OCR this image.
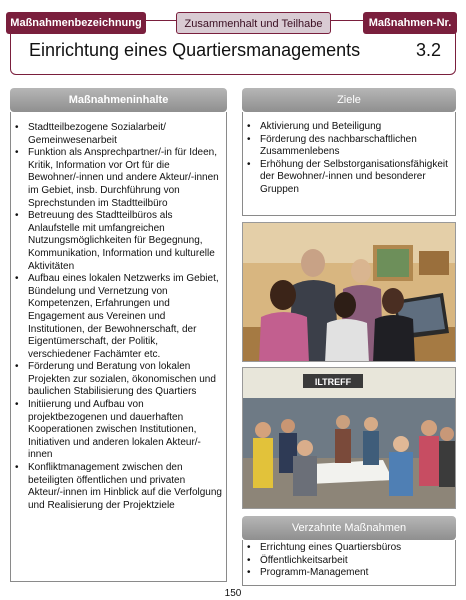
Maßnahmenbezeichnung	Zusammenhalt und Teilhabe	Maßnahmen-Nr.
Einrichtung eines Quartiersmanagements	3.2
Maßnahmeninhalte
• Stadtteilbezogene Sozialarbeit/ Gemeinwesenarbeit
• Funktion als Ansprechpartner/-in für Ideen, Kritik, Information vor Ort für die Bewohner/-innen und andere Akteur/-innen im Gebiet, insb. Durchführung von Sprechstunden im Stadtteilbüro
• Betreuung des Stadtteilbüros als Anlaufstelle mit umfangreichen Nutzungsmöglichkeiten für Begegnung, Kommunikation, Information und kulturelle Aktivitäten
• Aufbau eines lokalen Netzwerks im Gebiet, Bündelung und Vernetzung von Kompetenzen, Erfahrungen und Engagement aus Vereinen und Institutionen, der Bewohnerschaft, der Eigentümerschaft, der Politik, verschiedener Fachämter etc.
• Förderung und Beratung von lokalen Projekten zur sozialen, ökonomischen und baulichen Stabilisierung des Quartiers
• Initiierung und Aufbau von projektbezogenen und dauerhaften Kooperationen zwischen Institutionen, Initiativen und anderen lokalen Akteur/-innen
• Konfliktmanagement zwischen den beteiligten öffentlichen und privaten Akteur/-innen im Hinblick auf die Verfolgung und Realisierung der Projektziele
Ziele
• Aktivierung und Beteiligung
• Förderung des nachbarschaftlichen Zusammenlebens
• Erhöhung der Selbstorganisationsfähigkeit der Bewohner/-innen und besonderer Gruppen
ILTREFF
Verzahnte Maßnahmen
• Errichtung eines Quartiersbüros
• Öffentlichkeitsarbeit
• Programm-Management
150
